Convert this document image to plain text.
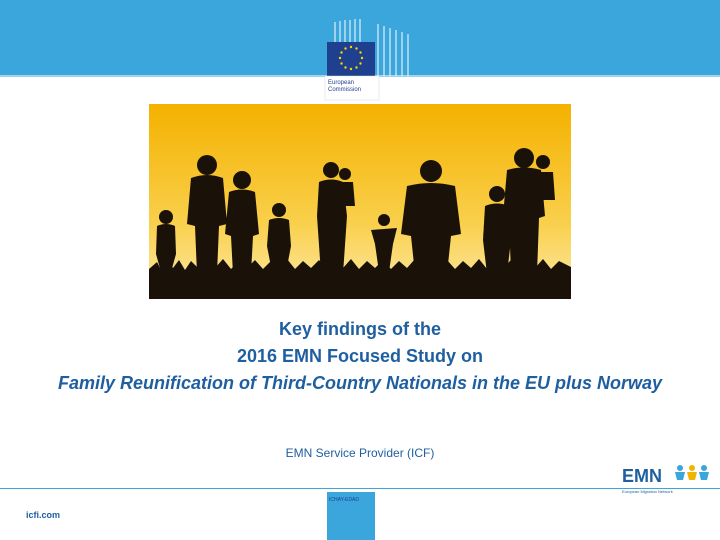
European
Commission
Key findings of the
2016 EMN Focused Study on
Family Reunification of Third-Country Nationals in the EU plus Norway
EMN Service Provider (ICF)
icfi.com
ICHAY-EDAD
EMN
European Migration Network
